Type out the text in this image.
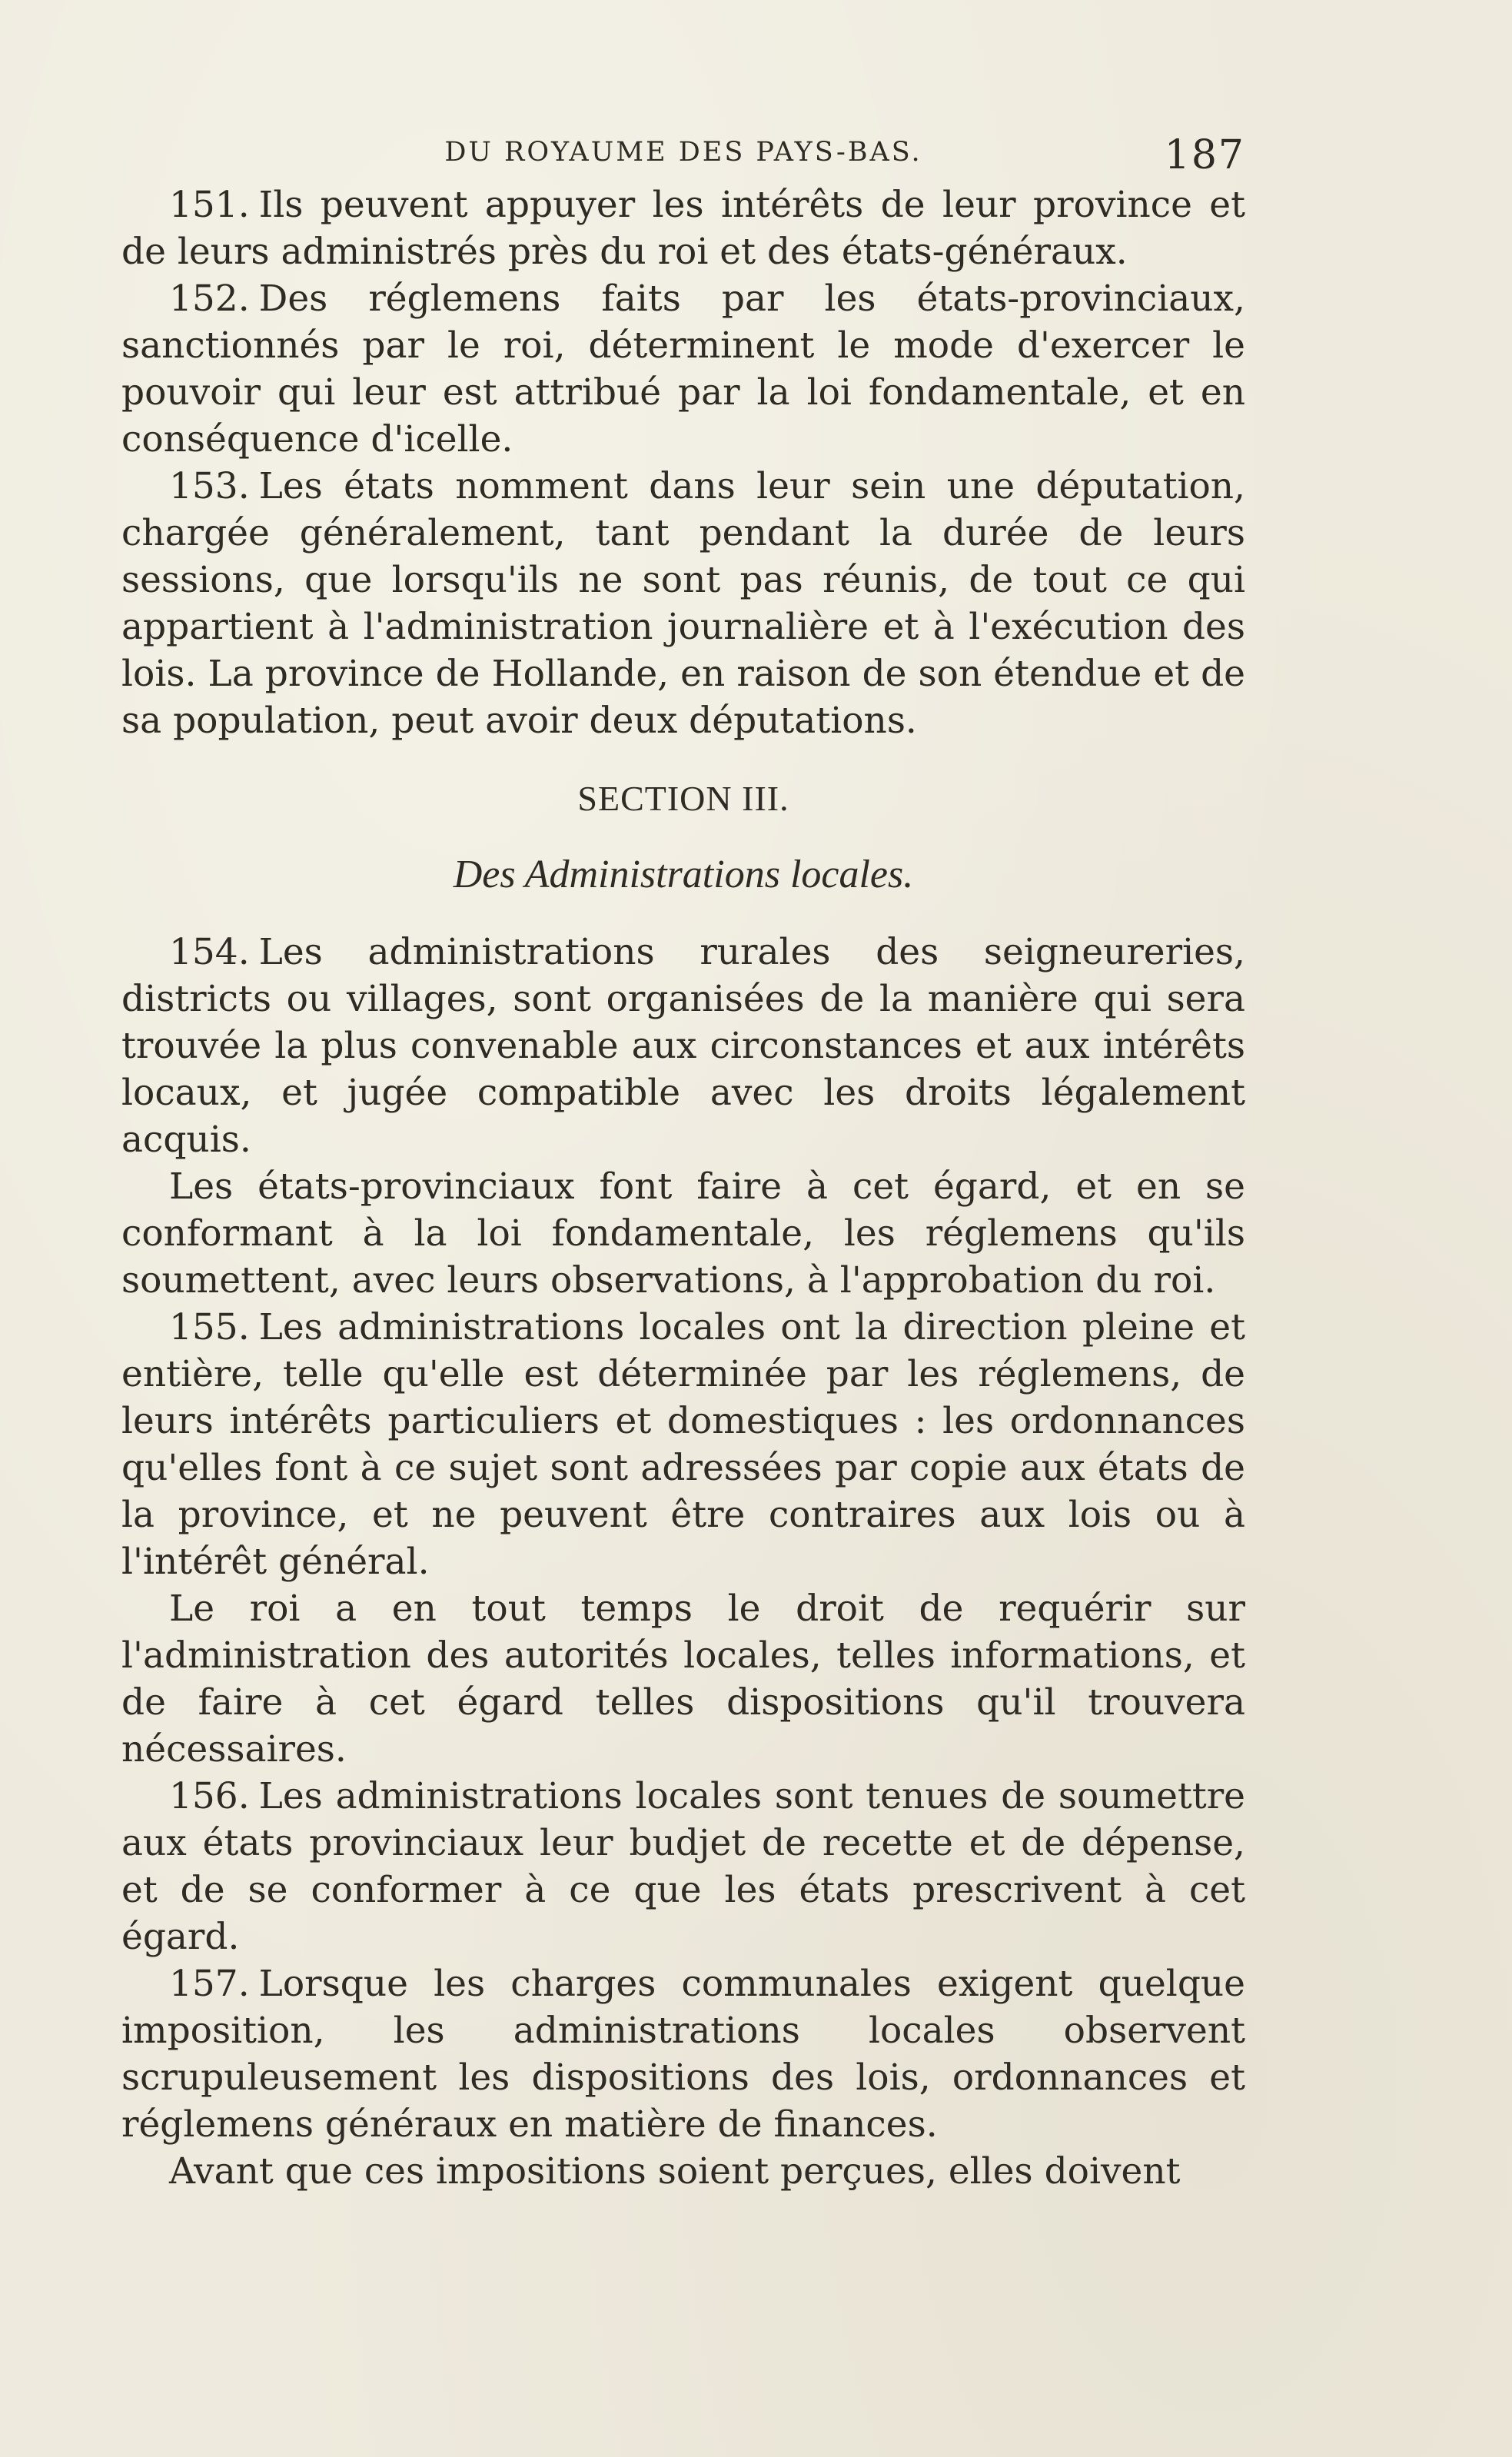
DU ROYAUME DES PAYS-BAS.	187

151. Ils peuvent appuyer les intérêts de leur province et de leurs administrés près du roi et des états-généraux.

152. Des réglemens faits par les états-provinciaux, sanctionnés par le roi, déterminent le mode d'exercer le pouvoir qui leur est attribué par la loi fondamentale, et en conséquence d'icelle.

153. Les états nomment dans leur sein une députation, chargée généralement, tant pendant la durée de leurs sessions, que lorsqu'ils ne sont pas réunis, de tout ce qui appartient à l'administration journalière et à l'exécution des lois. La province de Hollande, en raison de son étendue et de sa population, peut avoir deux députations.

SECTION III.
Des Administrations locales.

154. Les administrations rurales des seigneureries, districts ou villages, sont organisées de la manière qui sera trouvée la plus convenable aux circonstances et aux intérêts locaux, et jugée compatible avec les droits légalement acquis.

Les états-provinciaux font faire à cet égard, et en se conformant à la loi fondamentale, les réglemens qu'ils soumettent, avec leurs observations, à l'approbation du roi.

155. Les administrations locales ont la direction pleine et entière, telle qu'elle est déterminée par les réglemens, de leurs intérêts particuliers et domestiques : les ordonnances qu'elles font à ce sujet sont adressées par copie aux états de la province, et ne peuvent être contraires aux lois ou à l'intérêt général.

Le roi a en tout temps le droit de requérir sur l'administration des autorités locales, telles informations, et de faire à cet égard telles dispositions qu'il trouvera nécessaires.

156. Les administrations locales sont tenues de soumettre aux états provinciaux leur budjet de recette et de dépense, et de se conformer à ce que les états prescrivent à cet égard.

157. Lorsque les charges communales exigent quelque imposition, les administrations locales observent scrupuleusement les dispositions des lois, ordonnances et réglemens généraux en matière de finances.

Avant que ces impositions soient perçues, elles doivent
